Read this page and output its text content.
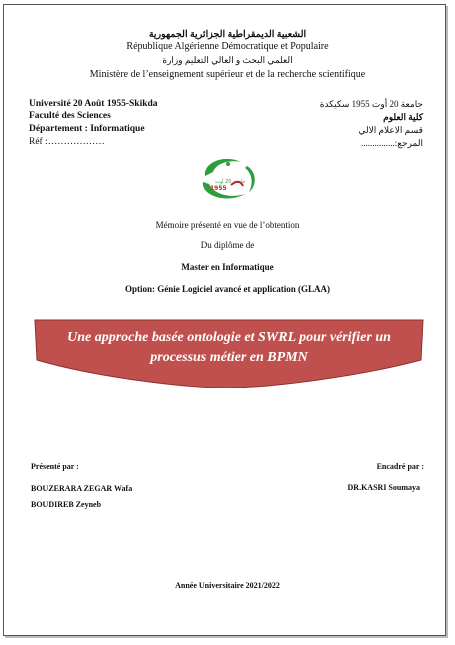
الشعبية الديمقراطية الجزائرية الجمهورية
République Algérienne Démocratique et Populaire
العلمي البحث و العالي التعليم وزارة
Ministère de l’enseignement supérieur et de la recherche scientifique
Université 20 Août 1955-Skikda
Faculté des Sciences
Département : Informatique
Réf :………………
جامعة 20 أوت 1955 سكيكدة
كلية العلوم
قسم الاعلام الالي
المرجع:...............
جامعة 20 أوت
1955
Mémoire présenté en vue de l’obtention
Du diplôme de
Master en Informatique
Option: Génie Logiciel avancé et application (GLAA)
Une approche basée ontologie et SWRL pour vérifier un
processus métier en BPMN
Présenté par :
BOUZERARA ZEGAR Wafa
BOUDIREB Zeyneb
Encadré par :
DR.KASRI Soumaya
Année Universitaire 2021/2022
